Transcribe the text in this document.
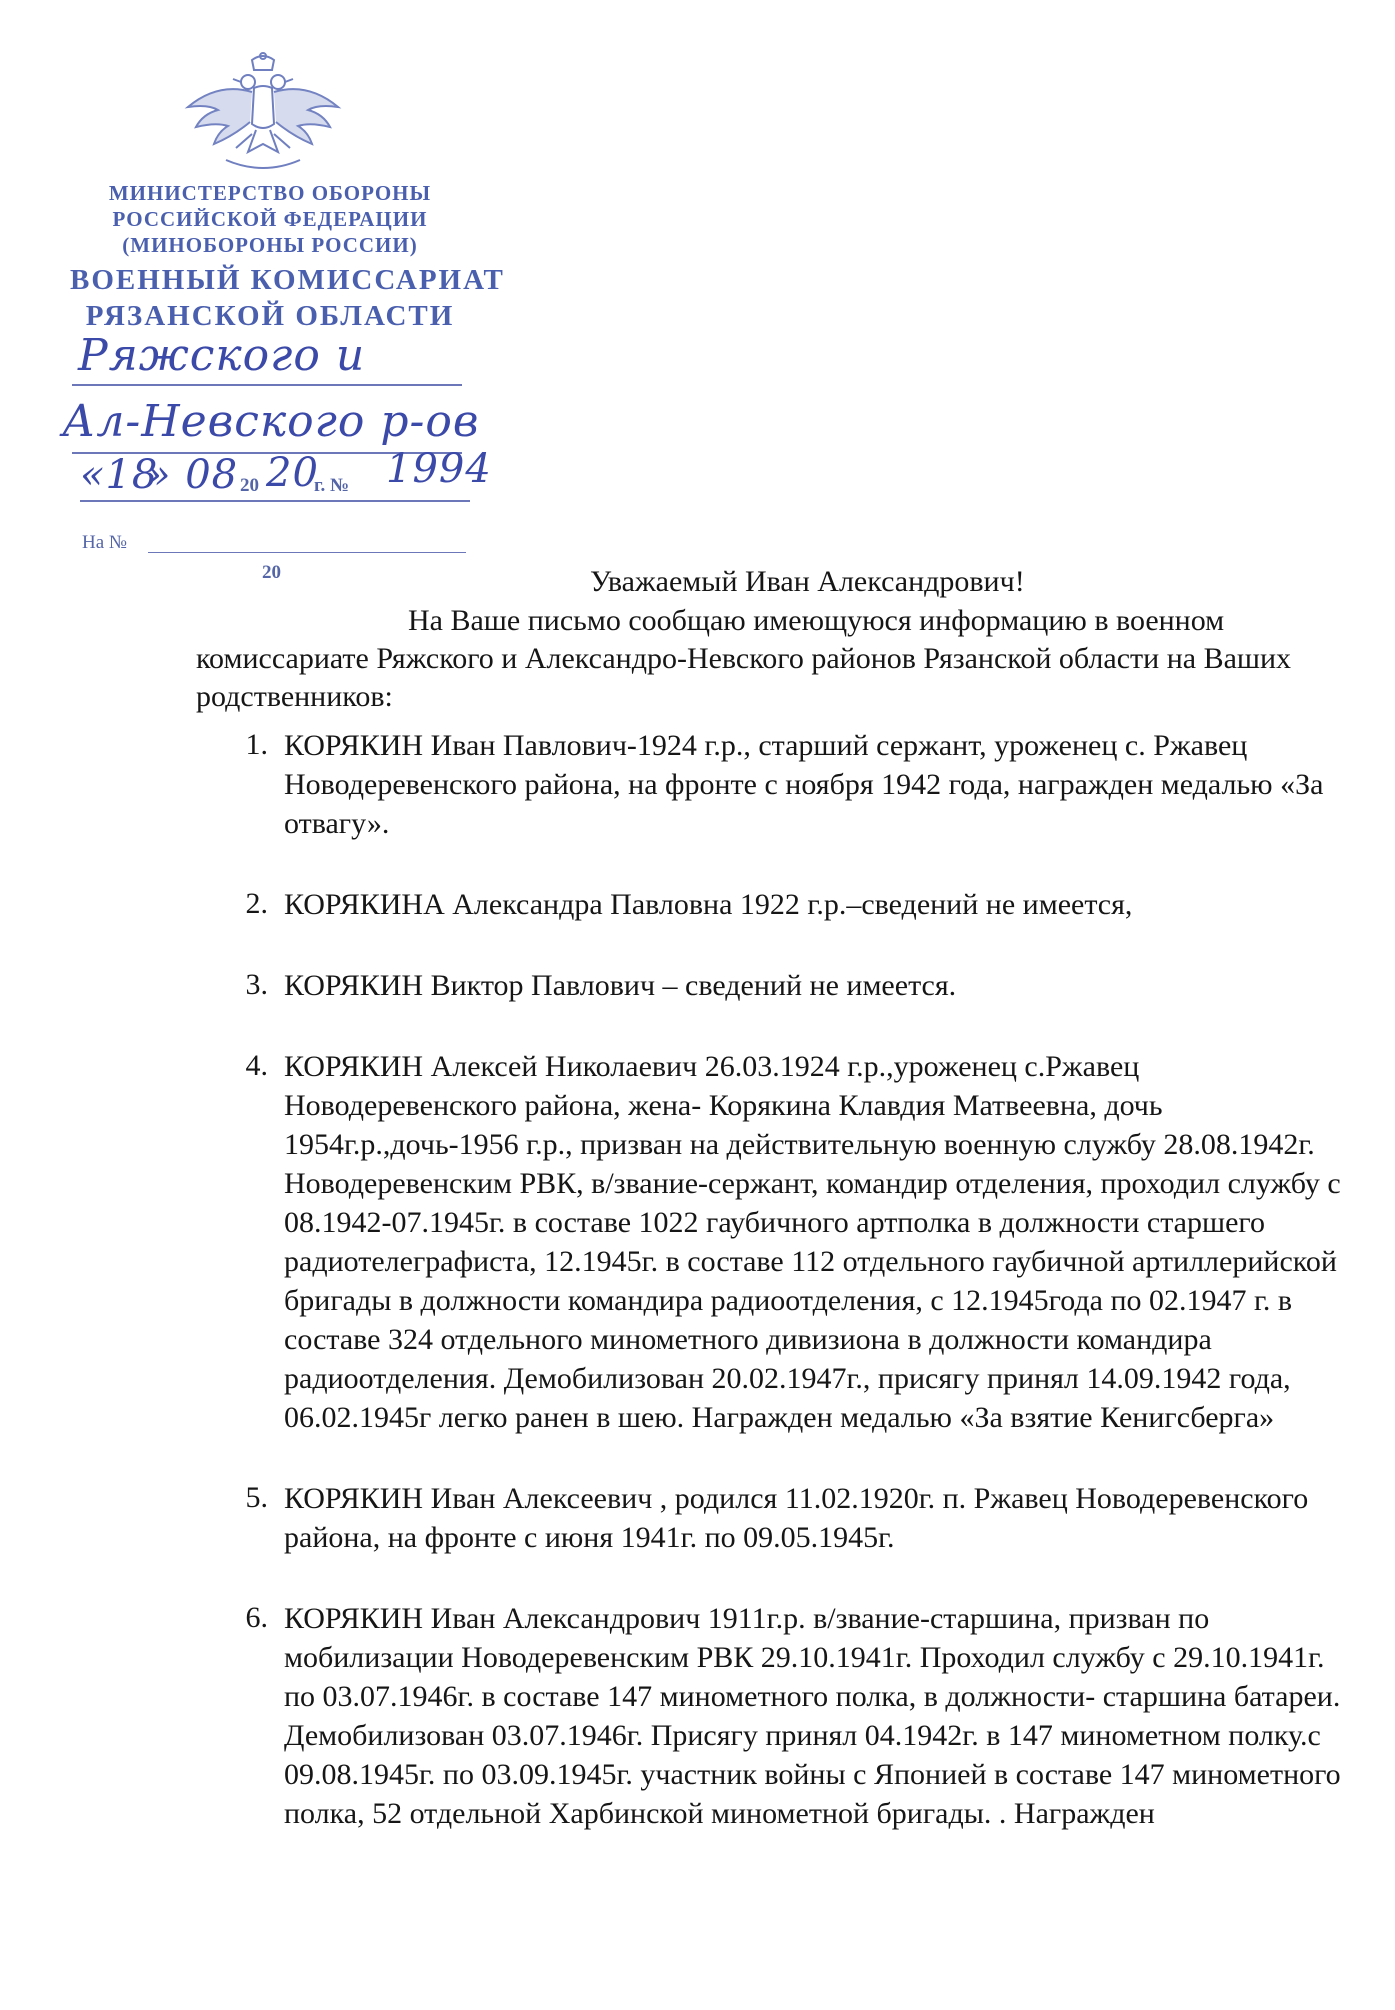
МИНИСТЕРСТВО ОБОРОНЫ
РОССИЙСКОЙ ФЕДЕРАЦИИ
(МИНОБОРОНЫ РОССИИ)
ВОЕННЫЙ КОМИССАРИАТ
РЯЗАНСКОЙ ОБЛАСТИ
Ряжского и
Ал-Невского р-ов
«18
» 08 20 20
г. № 1994
На №
20	Уважаемый Иван Александрович!
На Ваше письмо сообщаю имеющуюся информацию в военном комиссариате Ряжского и Александро-Невского районов Рязанской области на Ваших родственников:
1. КОРЯКИН Иван Павлович-1924 г.р., старший сержант, уроженец с. Ржавец Новодеревенского района, на фронте с ноября 1942 года, награжден медалью «За отвагу».
2. КОРЯКИНА Александра Павловна 1922 г.р.–сведений не имеется,
3. КОРЯКИН Виктор Павлович – сведений не имеется.
4. КОРЯКИН Алексей Николаевич 26.03.1924 г.р.,уроженец с.Ржавец Новодеревенского района, жена- Корякина Клавдия Матвеевна, дочь 1954г.р.,дочь-1956 г.р., призван на действительную военную службу 28.08.1942г. Новодеревенским РВК, в/звание-сержант, командир отделения, проходил службу с 08.1942-07.1945г. в составе 1022 гаубичного артполка в должности старшего радиотелеграфиста, 12.1945г. в составе 112 отдельного гаубичной артиллерийской бригады в должности командира радиоотделения, с 12.1945года по 02.1947 г. в составе 324 отдельного минометного дивизиона в должности командира радиоотделения. Демобилизован 20.02.1947г., присягу принял 14.09.1942 года, 06.02.1945г легко ранен в шею. Награжден медалью «За взятие Кенигсберга»
5. КОРЯКИН Иван Алексеевич , родился 11.02.1920г. п. Ржавец Новодеревенского района, на фронте с июня 1941г. по 09.05.1945г.
6. КОРЯКИН Иван Александрович 1911г.р. в/звание-старшина, призван по мобилизации Новодеревенским РВК 29.10.1941г. Проходил службу с 29.10.1941г. по 03.07.1946г. в составе 147 минометного полка, в должности- старшина батареи. Демобилизован 03.07.1946г. Присягу принял 04.1942г. в 147 минометном полку.с 09.08.1945г. по 03.09.1945г. участник войны с Японией в составе 147 минометного полка, 52 отдельной Харбинской минометной бригады. . Награжден
